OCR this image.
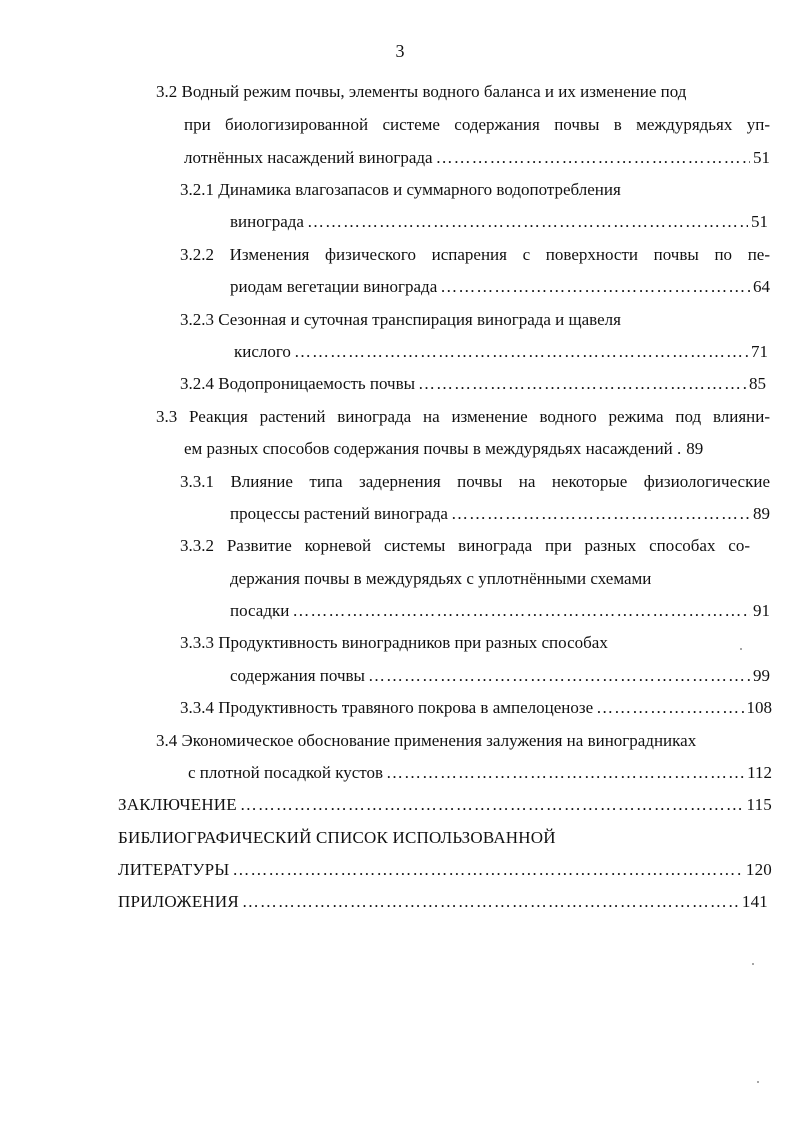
3
3.2 Водный режим почвы, элементы водного баланса и их изменение под
при биологизированной системе содержания почвы в междурядьях уп-
лотнённых насаждений винограда ……………………………………………………………………………………………………………………………………………………………	51
3.2.1 Динамика влагозапасов и суммарного водопотребления
винограда ……………………………………………………………………………………………………………………………………………………………	51
3.2.2 Изменения физического испарения с поверхности почвы по пе-
риодам вегетации винограда ……………………………………………………………………………………………………………………………………………………………	64
3.2.3 Сезонная и суточная транспирация винограда и щавеля
кислого ……………………………………………………………………………………………………………………………………………………………	71
3.2.4 Водопроницаемость почвы ……………………………………………………………………………………………………………………………………………………………	85
3.3 Реакция растений винограда на изменение водного режима под влияни-
ем разных способов содержания почвы в междурядьях насаждений . 89
3.3.1 Влияние типа задернения почвы на некоторые физиологические
процессы растений винограда ……………………………………………………………………………………………………………………………………………………………	89
3.3.2 Развитие корневой системы винограда при разных способах со-
держания почвы в междурядьях с уплотнёнными схемами
посадки ……………………………………………………………………………………………………………………………………………………………	91
3.3.3 Продуктивность виноградников при разных способах
содержания почвы ……………………………………………………………………………………………………………………………………………………………	99
3.3.4 Продуктивность травяного покрова в ампелоценозе ……………………………………………………………………………………………………………………………………………………………	108
3.4 Экономическое обоснование применения залужения на виноградниках
с плотной посадкой кустов ……………………………………………………………………………………………………………………………………………………………	112
ЗАКЛЮЧЕНИЕ ……………………………………………………………………………………………………………………………………………………………	115
БИБЛИОГРАФИЧЕСКИЙ СПИСОК ИСПОЛЬЗОВАННОЙ
ЛИТЕРАТУРЫ ……………………………………………………………………………………………………………………………………………………………	120
ПРИЛОЖЕНИЯ ……………………………………………………………………………………………………………………………………………………………	141
